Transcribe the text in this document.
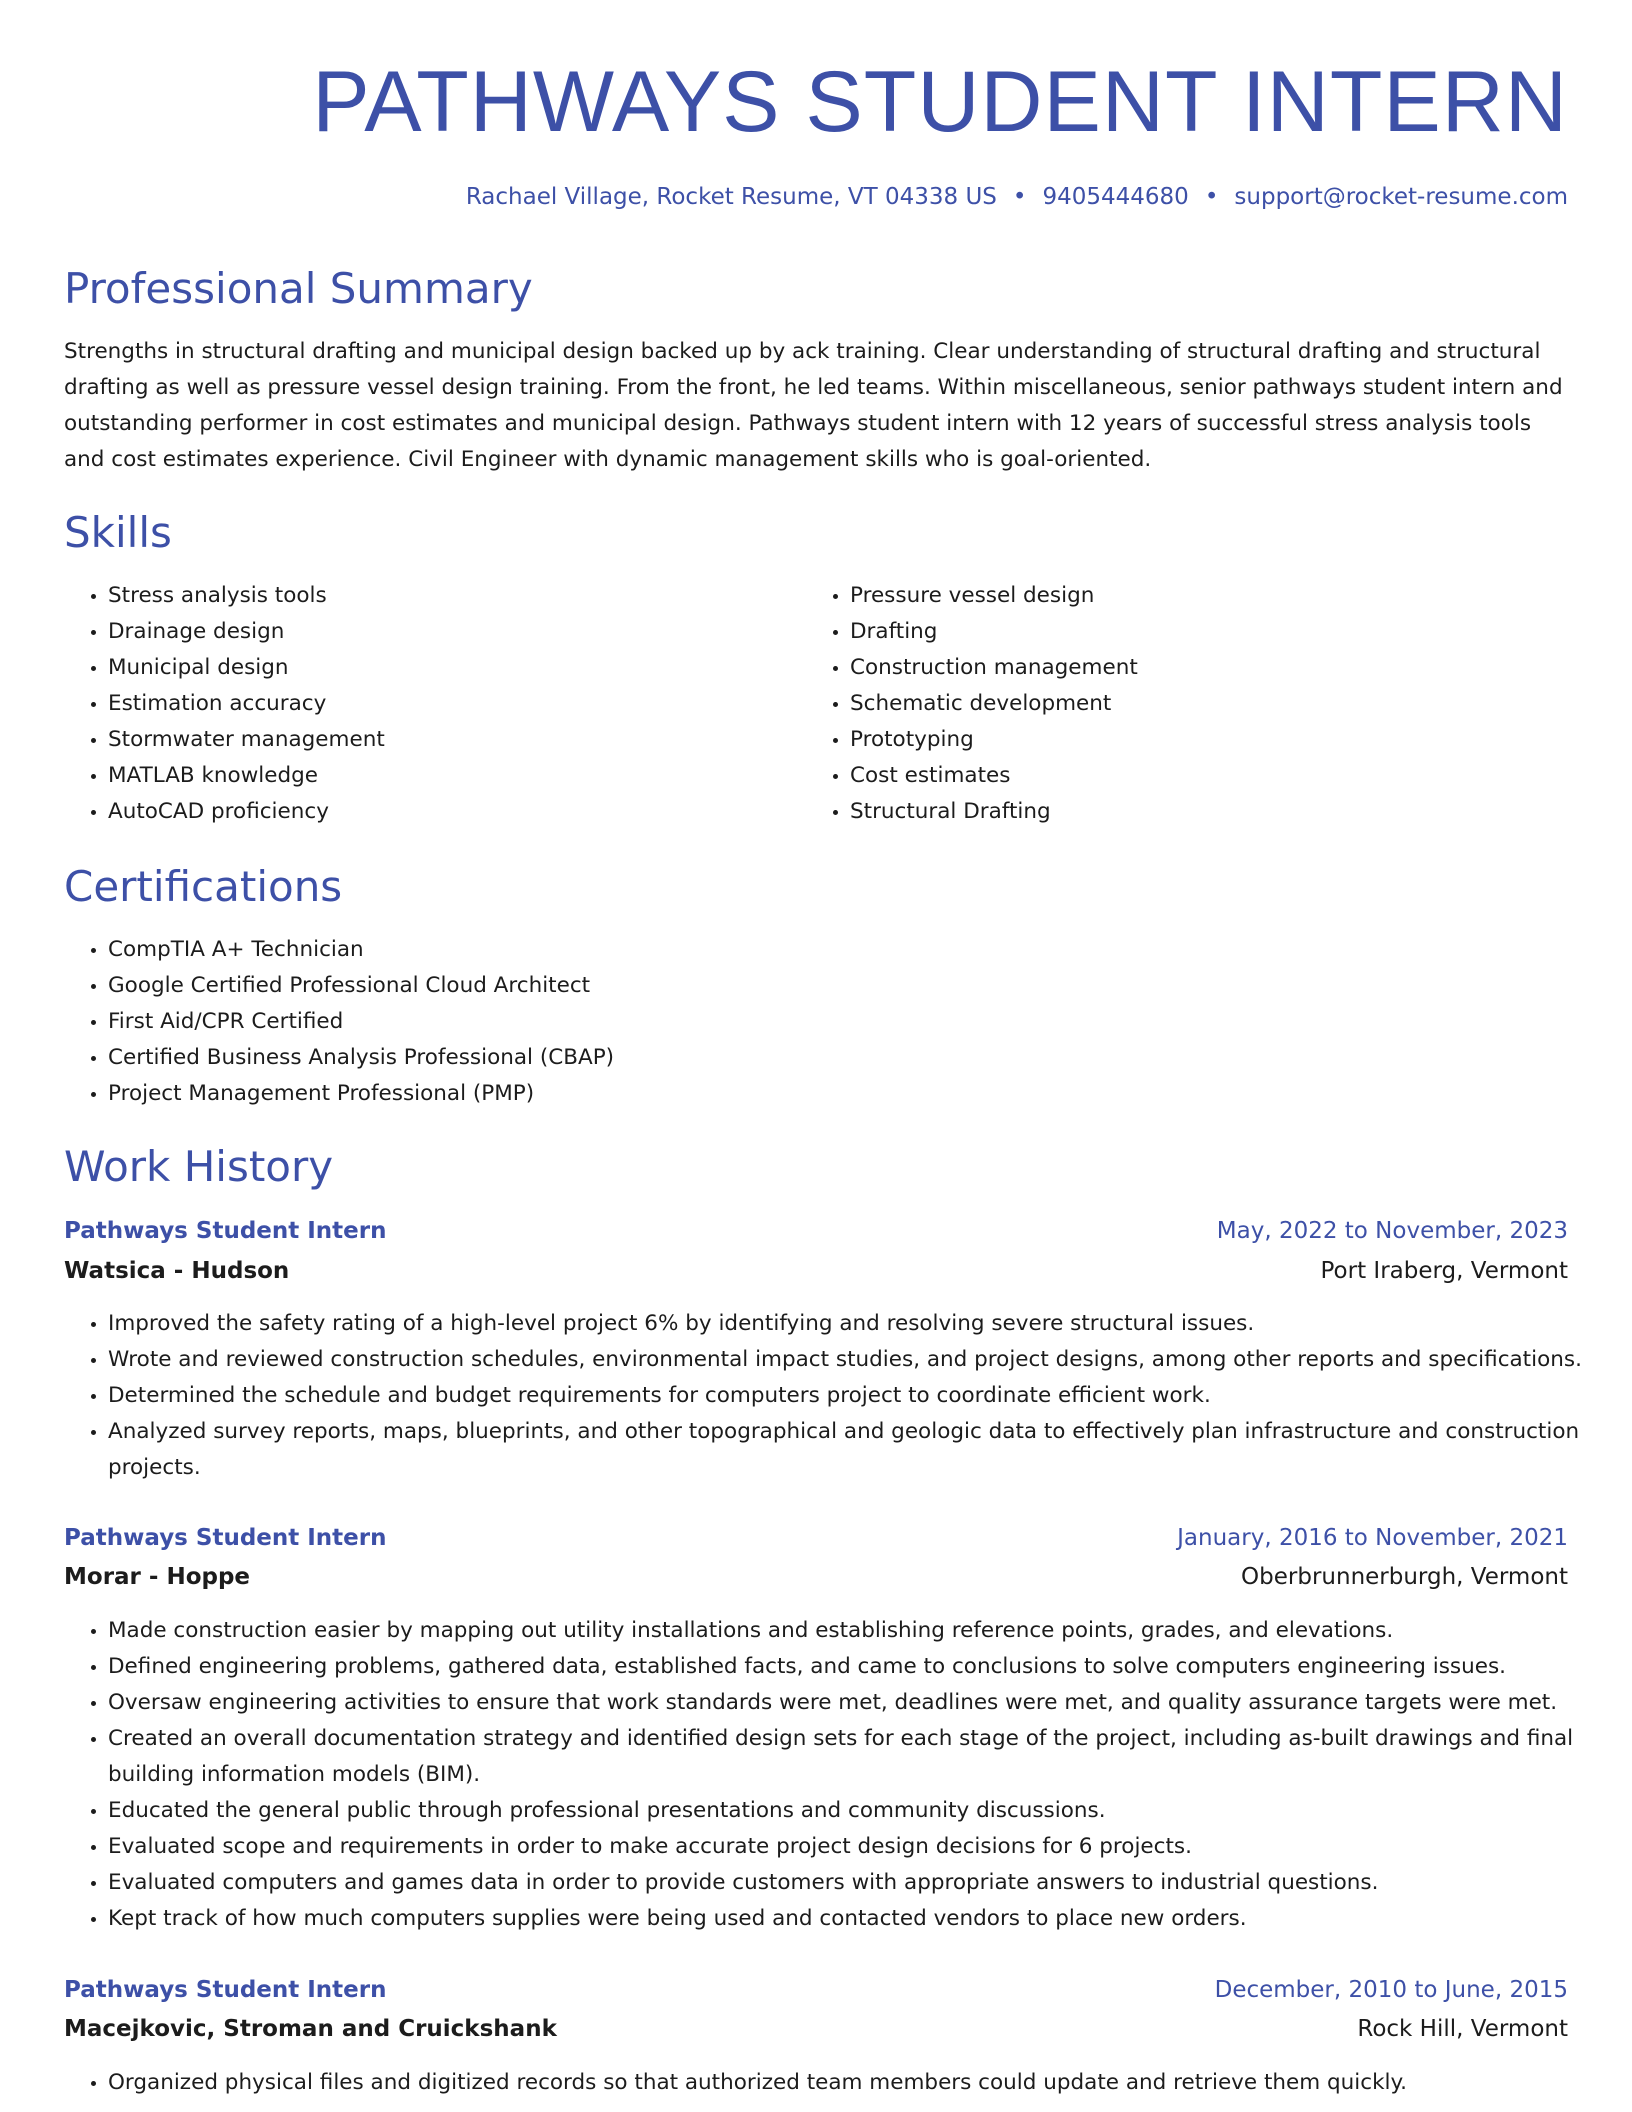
PATHWAYS STUDENT INTERN
Rachael Village, Rocket Resume, VT 04338 US • 9405444680 • support@rocket-resume.com
Professional Summary

Strengths in structural drafting and municipal design backed up by ack training. Clear understanding of structural drafting and structural drafting as well as pressure vessel design training. From the front, he led teams. Within miscellaneous, senior pathways student intern and outstanding performer in cost estimates and municipal design. Pathways student intern with 12 years of successful stress analysis tools and cost estimates experience. Civil Engineer with dynamic management skills who is goal-oriented.

Skills
• Stress analysis tools
• Drainage design
• Municipal design
• Estimation accuracy
• Stormwater management
• MATLAB knowledge
• AutoCAD proficiency
• Pressure vessel design
• Drafting
• Construction management
• Schematic development
• Prototyping
• Cost estimates
• Structural Drafting
Certifications
• CompTIA A+ Technician
• Google Certified Professional Cloud Architect
• First Aid/CPR Certified
• Certified Business Analysis Professional (CBAP)
• Project Management Professional (PMP)
Work History
Pathways Student Intern	May, 2022 to November, 2023
Watsica - Hudson	Port Iraberg, Vermont
• Improved the safety rating of a high-level project 6% by identifying and resolving severe structural issues.
• Wrote and reviewed construction schedules, environmental impact studies, and project designs, among other reports and specifications.
• Determined the schedule and budget requirements for computers project to coordinate efficient work.
• Analyzed survey reports, maps, blueprints, and other topographical and geologic data to effectively plan infrastructure and construction projects.
Pathways Student Intern	January, 2016 to November, 2021
Morar - Hoppe	Oberbrunnerburgh, Vermont
• Made construction easier by mapping out utility installations and establishing reference points, grades, and elevations.
• Defined engineering problems, gathered data, established facts, and came to conclusions to solve computers engineering issues.
• Oversaw engineering activities to ensure that work standards were met, deadlines were met, and quality assurance targets were met.
• Created an overall documentation strategy and identified design sets for each stage of the project, including as-built drawings and final building information models (BIM).
• Educated the general public through professional presentations and community discussions.
• Evaluated scope and requirements in order to make accurate project design decisions for 6 projects.
• Evaluated computers and games data in order to provide customers with appropriate answers to industrial questions.
• Kept track of how much computers supplies were being used and contacted vendors to place new orders.
Pathways Student Intern	December, 2010 to June, 2015
Macejkovic, Stroman and Cruickshank	Rock Hill, Vermont
• Organized physical files and digitized records so that authorized team members could update and retrieve them quickly.
